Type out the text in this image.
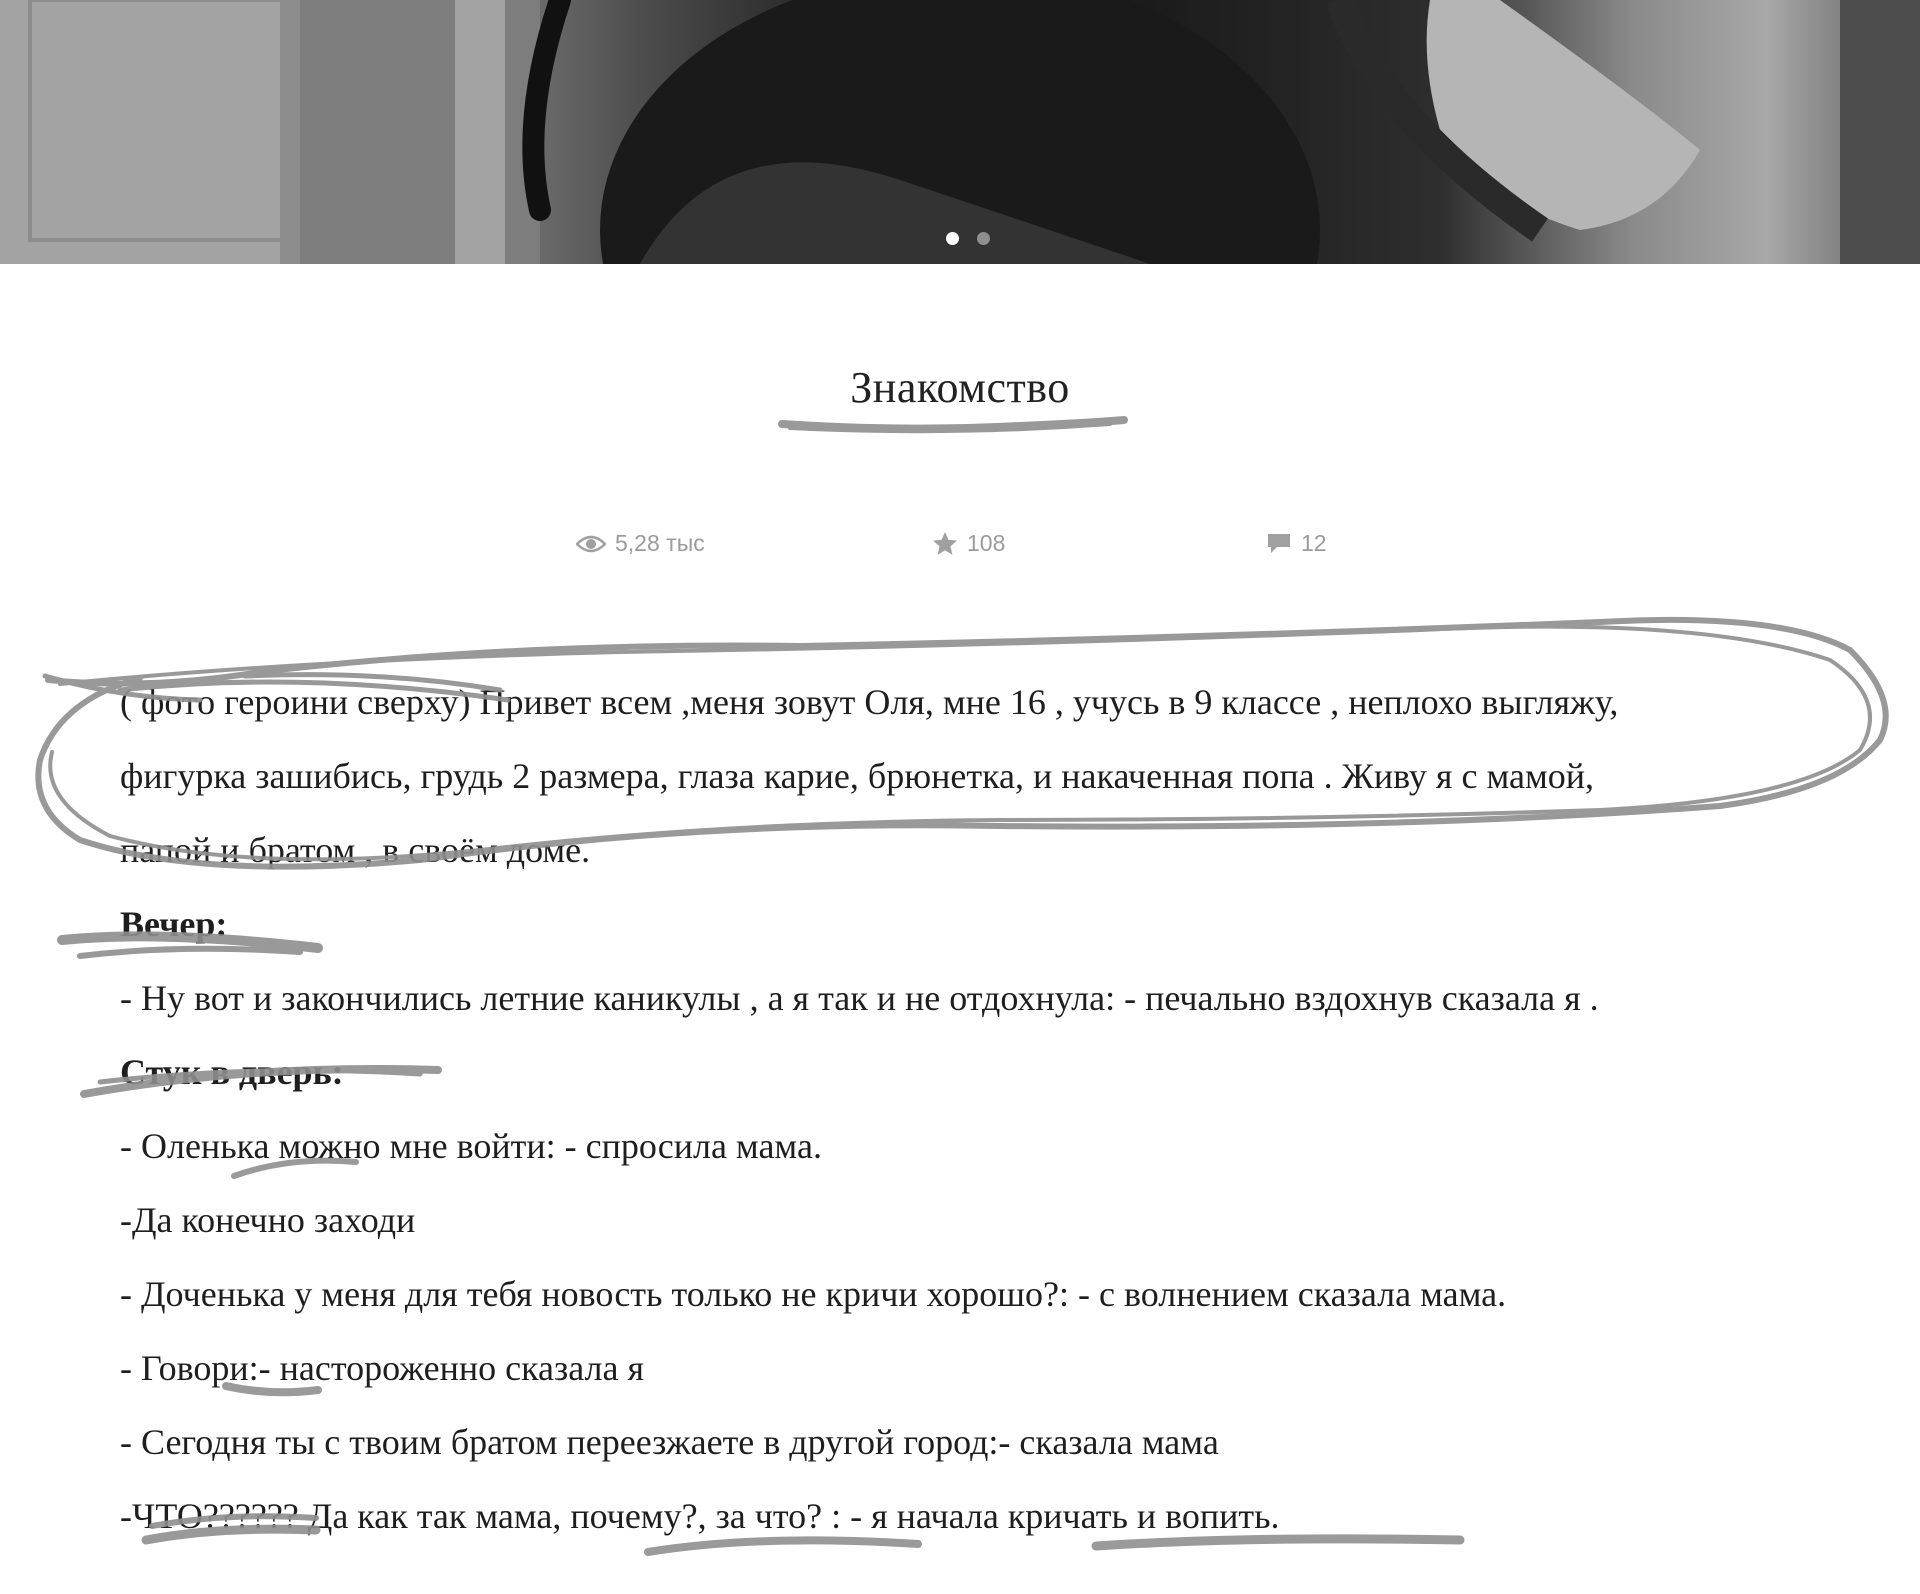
Знакомство
5,28 тыс	108	12

( фото героини сверху) Привет всем ,меня зовут Оля, мне 16 , учусь в 9 классе , неплохо выгляжу,

фигурка зашибись, грудь 2 размера, глаза карие, брюнетка, и накаченная попа . Живу я с мамой,

папой и братом , в своём доме.

Вечер:

- Ну вот и закончились летние каникулы , а я так и не отдохнула: - печально вздохнув сказала я .

Стук в дверь:

- Оленька можно мне войти: - спросила мама.

-Да конечно заходи

- Доченька у меня для тебя новость только не кричи хорошо?: - с волнением сказала мама.

- Говори:- настороженно сказала я

- Сегодня ты с твоим братом переезжаете в другой город:- сказала мама

-ЧТО?????? Да как так мама, почему?, за что? : - я начала кричать и вопить.
